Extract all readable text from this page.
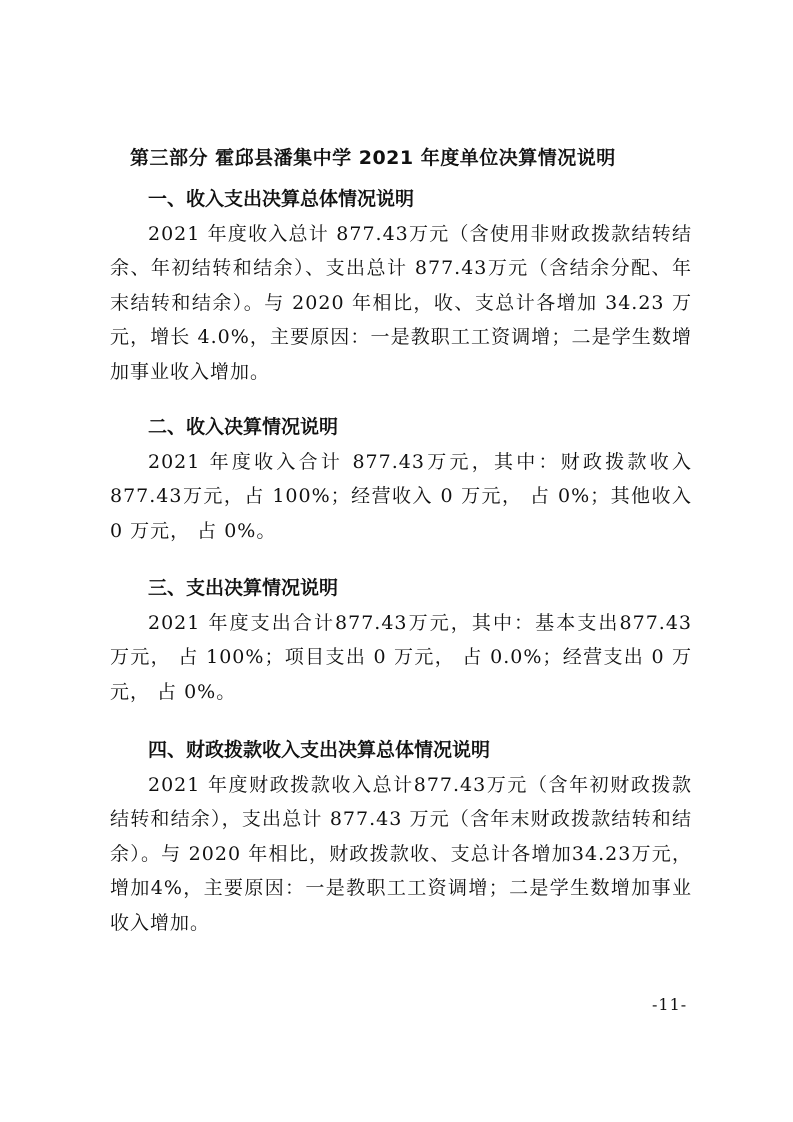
第三部分 霍邱县潘集中学 2021 年度单位决算情况说明
一、收入支出决算总体情况说明

2021 年度收入总计 877.43万元（含使用非财政拨款结转结余、年初结转和结余）、支出总计 877.43万元（含结余分配、年末结转和结余）。与 2020 年相比，收、支总计各增加 34.23 万元，增长 4.0%，主要原因：一是教职工工资调增；二是学生数增加事业收入增加。

二、收入决算情况说明

2021 年度收入合计 877.43万元，其中：财政拨款收入 877.43万元，占 100%；经营收入 0 万元， 占 0%；其他收入 0 万元， 占 0%。

三、支出决算情况说明

2021 年度支出合计877.43万元，其中：基本支出877.43 万元， 占 100%；项目支出 0 万元， 占 0.0%；经营支出 0 万元， 占 0%。

四、财政拨款收入支出决算总体情况说明

2021 年度财政拨款收入总计877.43万元（含年初财政拨款结转和结余），支出总计 877.43 万元（含年末财政拨款结转和结余）。与 2020 年相比，财政拨款收、支总计各增加34.23万元，增加4%，主要原因：一是教职工工资调增；二是学生数增加事业收入增加。

-11-
